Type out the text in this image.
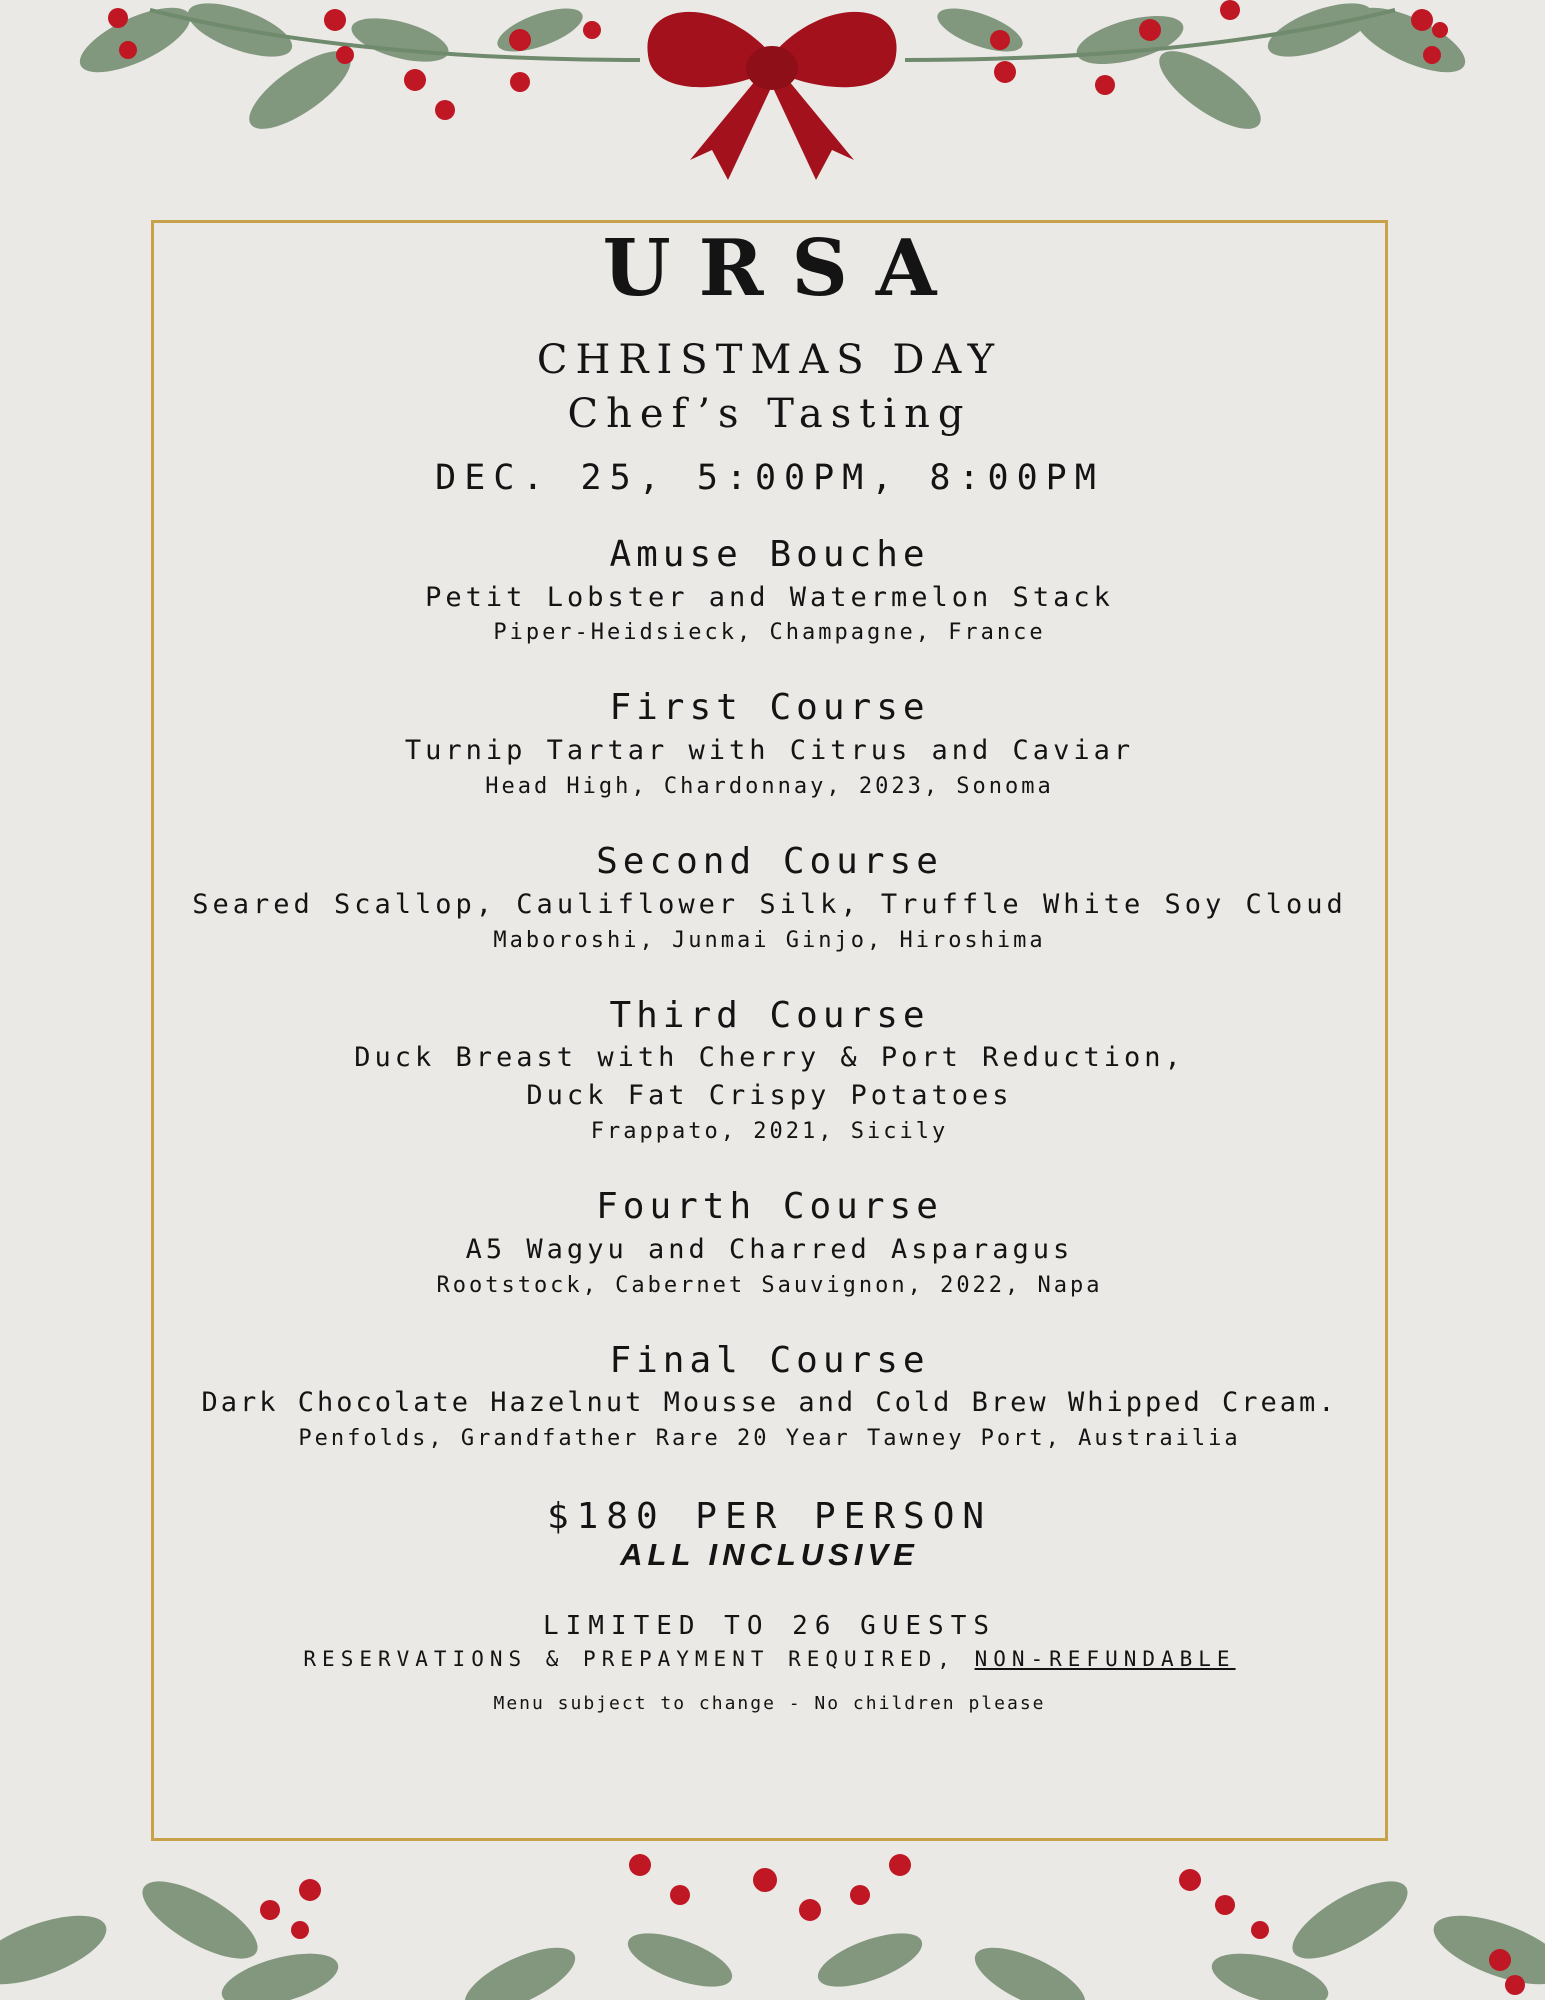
URSA
CHRISTMAS DAY
Chef’s Tasting
DEC. 25, 5:00PM, 8:00PM
Amuse Bouche
Petit Lobster and Watermelon Stack
Piper-Heidsieck, Champagne, France
First Course
Turnip Tartar with Citrus and Caviar
Head High, Chardonnay, 2023, Sonoma
Second Course
Seared Scallop, Cauliflower Silk, Truffle White Soy Cloud
Maboroshi, Junmai Ginjo, Hiroshima
Third Course
Duck Breast with Cherry & Port Reduction,
Duck Fat Crispy Potatoes
Frappato, 2021, Sicily
Fourth Course
A5 Wagyu and Charred Asparagus
Rootstock, Cabernet Sauvignon, 2022, Napa
Final Course
Dark Chocolate Hazelnut Mousse and Cold Brew Whipped Cream.
Penfolds, Grandfather Rare 20 Year Tawney Port, Austrailia
$180 PER PERSON
ALL INCLUSIVE
LIMITED TO 26 GUESTS
RESERVATIONS & PREPAYMENT REQUIRED, NON-REFUNDABLE
Menu subject to change - No children please
